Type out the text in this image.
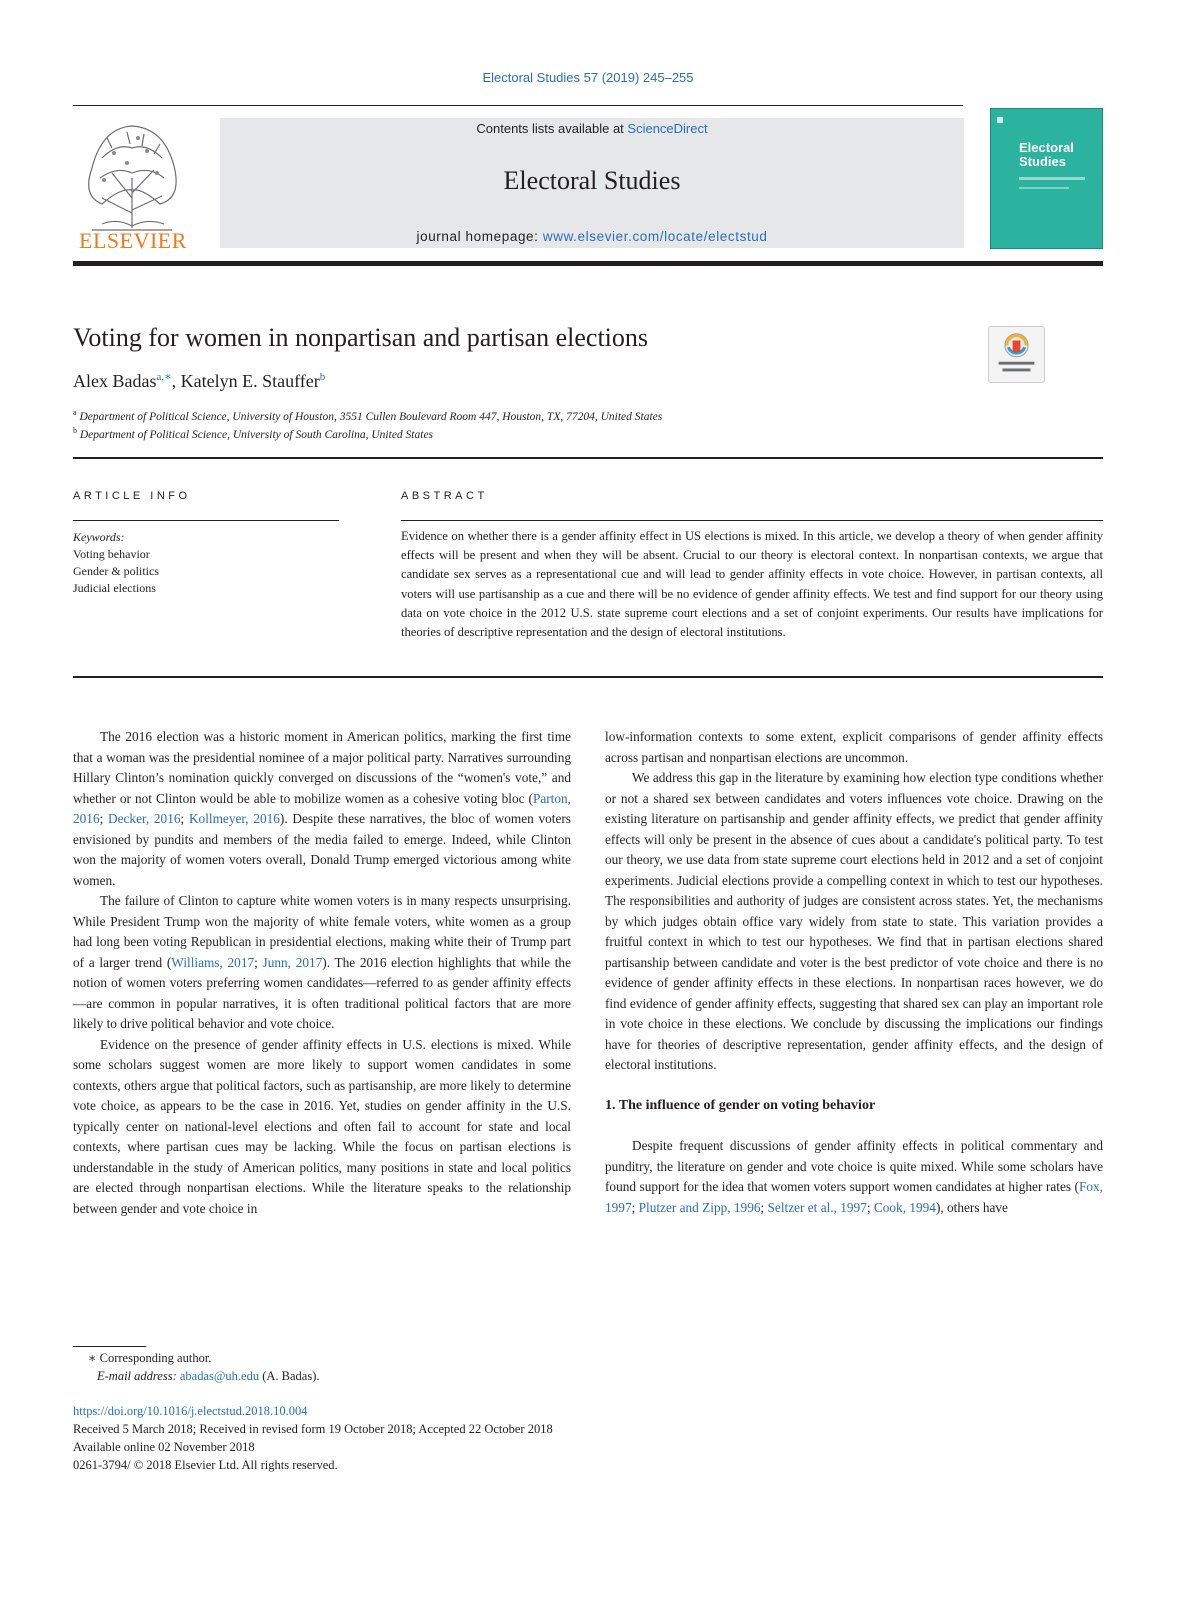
Electoral Studies 57 (2019) 245–255
ELSEVIER
Contents lists available at ScienceDirect
Electoral Studies
journal homepage: www.elsevier.com/locate/electstud
Electoral
Studies
Voting for women in nonpartisan and partisan elections
Alex Badas$^{a,∗}$, Katelyn E. Stauffer$^b$
$^a$ Department of Political Science, University of Houston, 3551 Cullen Boulevard Room 447, Houston, TX, 77204, United States
$^b$ Department of Political Science, University of South Carolina, United States
ARTICLE INFO	ABSTRACT
Keywords:
Voting behavior
Gender & politics
Judicial elections
Evidence on whether there is a gender affinity effect in US elections is mixed. In this article, we develop a theory of when gender affinity effects will be present and when they will be absent. Crucial to our theory is electoral context. In nonpartisan contexts, we argue that candidate sex serves as a representational cue and will lead to gender affinity effects in vote choice. However, in partisan contexts, all voters will use partisanship as a cue and there will be no evidence of gender affinity effects. We test and find support for our theory using data on vote choice in the 2012 U.S. state supreme court elections and a set of conjoint experiments. Our results have implications for theories of descriptive representation and the design of electoral institutions.

The 2016 election was a historic moment in American politics, marking the first time that a woman was the presidential nominee of a major political party. Narratives surrounding Hillary Clinton’s nomination quickly converged on discussions of the “women's vote,” and whether or not Clinton would be able to mobilize women as a cohesive voting bloc (Parton, 2016; Decker, 2016; Kollmeyer, 2016). Despite these narratives, the bloc of women voters envisioned by pundits and members of the media failed to emerge. Indeed, while Clinton won the majority of women voters overall, Donald Trump emerged victorious among white women.

The failure of Clinton to capture white women voters is in many respects unsurprising. While President Trump won the majority of white female voters, white women as a group had long been voting Republican in presidential elections, making white their of Trump part of a larger trend (Williams, 2017; Junn, 2017). The 2016 election highlights that while the notion of women voters preferring women candidates—referred to as gender affinity effects—are common in popular narratives, it is often traditional political factors that are more likely to drive political behavior and vote choice.

Evidence on the presence of gender affinity effects in U.S. elections is mixed. While some scholars suggest women are more likely to support women candidates in some contexts, others argue that political factors, such as partisanship, are more likely to determine vote choice, as appears to be the case in 2016. Yet, studies on gender affinity in the U.S. typically center on national-level elections and often fail to account for state and local contexts, where partisan cues may be lacking. While the focus on partisan elections is understandable in the study of American politics, many positions in state and local politics are elected through nonpartisan elections. While the literature speaks to the relationship between gender and vote choice in

low-information contexts to some extent, explicit comparisons of gender affinity effects across partisan and nonpartisan elections are uncommon.

We address this gap in the literature by examining how election type conditions whether or not a shared sex between candidates and voters influences vote choice. Drawing on the existing literature on partisanship and gender affinity effects, we predict that gender affinity effects will only be present in the absence of cues about a candidate's political party. To test our theory, we use data from state supreme court elections held in 2012 and a set of conjoint experiments. Judicial elections provide a compelling context in which to test our hypotheses. The responsibilities and authority of judges are consistent across states. Yet, the mechanisms by which judges obtain office vary widely from state to state. This variation provides a fruitful context in which to test our hypotheses. We find that in partisan elections shared partisanship between candidate and voter is the best predictor of vote choice and there is no evidence of gender affinity effects in these elections. In nonpartisan races however, we do find evidence of gender affinity effects, suggesting that shared sex can play an important role in vote choice in these elections. We conclude by discussing the implications our findings have for theories of descriptive representation, gender affinity effects, and the design of electoral institutions.

1. The influence of gender on voting behavior

Despite frequent discussions of gender affinity effects in political commentary and punditry, the literature on gender and vote choice is quite mixed. While some scholars have found support for the idea that women voters support women candidates at higher rates (Fox, 1997; Plutzer and Zipp, 1996; Seltzer et al., 1997; Cook, 1994), others have

∗ Corresponding author.
E-mail address: abadas@uh.edu (A. Badas).
https://doi.org/10.1016/j.electstud.2018.10.004
Received 5 March 2018; Received in revised form 19 October 2018; Accepted 22 October 2018
Available online 02 November 2018
0261-3794/ © 2018 Elsevier Ltd. All rights reserved.
